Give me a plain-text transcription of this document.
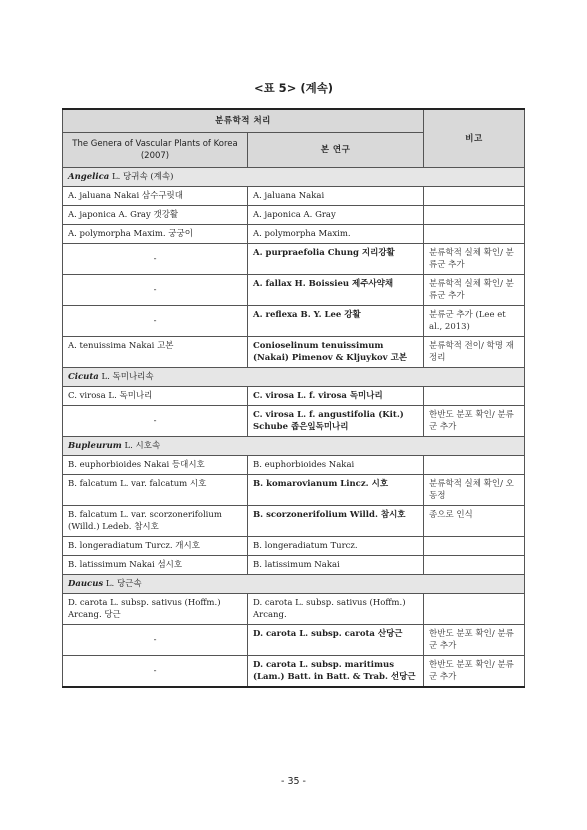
<표 5> (계속)
분류학적 처리		비고
The Genera of Vascular Plants of Korea (2007)	본 연구	
Angelica L. 당귀속 (계속)		
A. jaluana Nakai 삼수구릿대	A. jaluana Nakai	
A. japonica A. Gray 갯강활	A. japonica A. Gray	
A. polymorpha Maxim. 궁궁이	A. polymorpha Maxim.	
-	A. purpraefolia Chung 지리강활	분류학적 실체 확인/ 분류군 추가
-	A. fallax H. Boissieu 제주사약채	분류학적 실체 확인/ 분류군 추가
-	A. reflexa B. Y. Lee 강활	분류군 추가 (Lee et al., 2013)
A. tenuissima Nakai 고본	Conioselinum tenuissimum (Nakai) Pimenov & Kljuykov 고본	분류학적 전이/ 학명 재정리
Cicuta L. 독미나리속		
C. virosa L. 독미나리	C. virosa L. f. virosa 독미나리	
-	C. virosa L. f. angustifolia (Kit.) Schube 좁은잎독미나리	한반도 분포 확인/ 분류군 추가
Bupleurum L. 시호속		
B. euphorbioides Nakai 등대시호	B. euphorbioides Nakai	
B. falcatum L. var. falcatum 시호	B. komarovianum Lincz. 시호	분류학적 실체 확인/ 오동정
B. falcatum L. var. scorzonerifolium (Willd.) Ledeb. 참시호	B. scorzonerifolium Willd. 참시호	종으로 인식
B. longeradiatum Turcz. 개시호	B. longeradiatum Turcz.	
B. latissimum Nakai 섬시호	B. latissimum Nakai	
Daucus L. 당근속		
D. carota L. subsp. sativus (Hoffm.) Arcang. 당근	D. carota L. subsp. sativus (Hoffm.) Arcang.	
-	D. carota L. subsp. carota 산당근	한반도 분포 확인/ 분류군 추가
-	D. carota L. subsp. maritimus (Lam.) Batt. in Batt. & Trab. 선당근	한반도 분포 확인/ 분류군 추가
- 35 -
